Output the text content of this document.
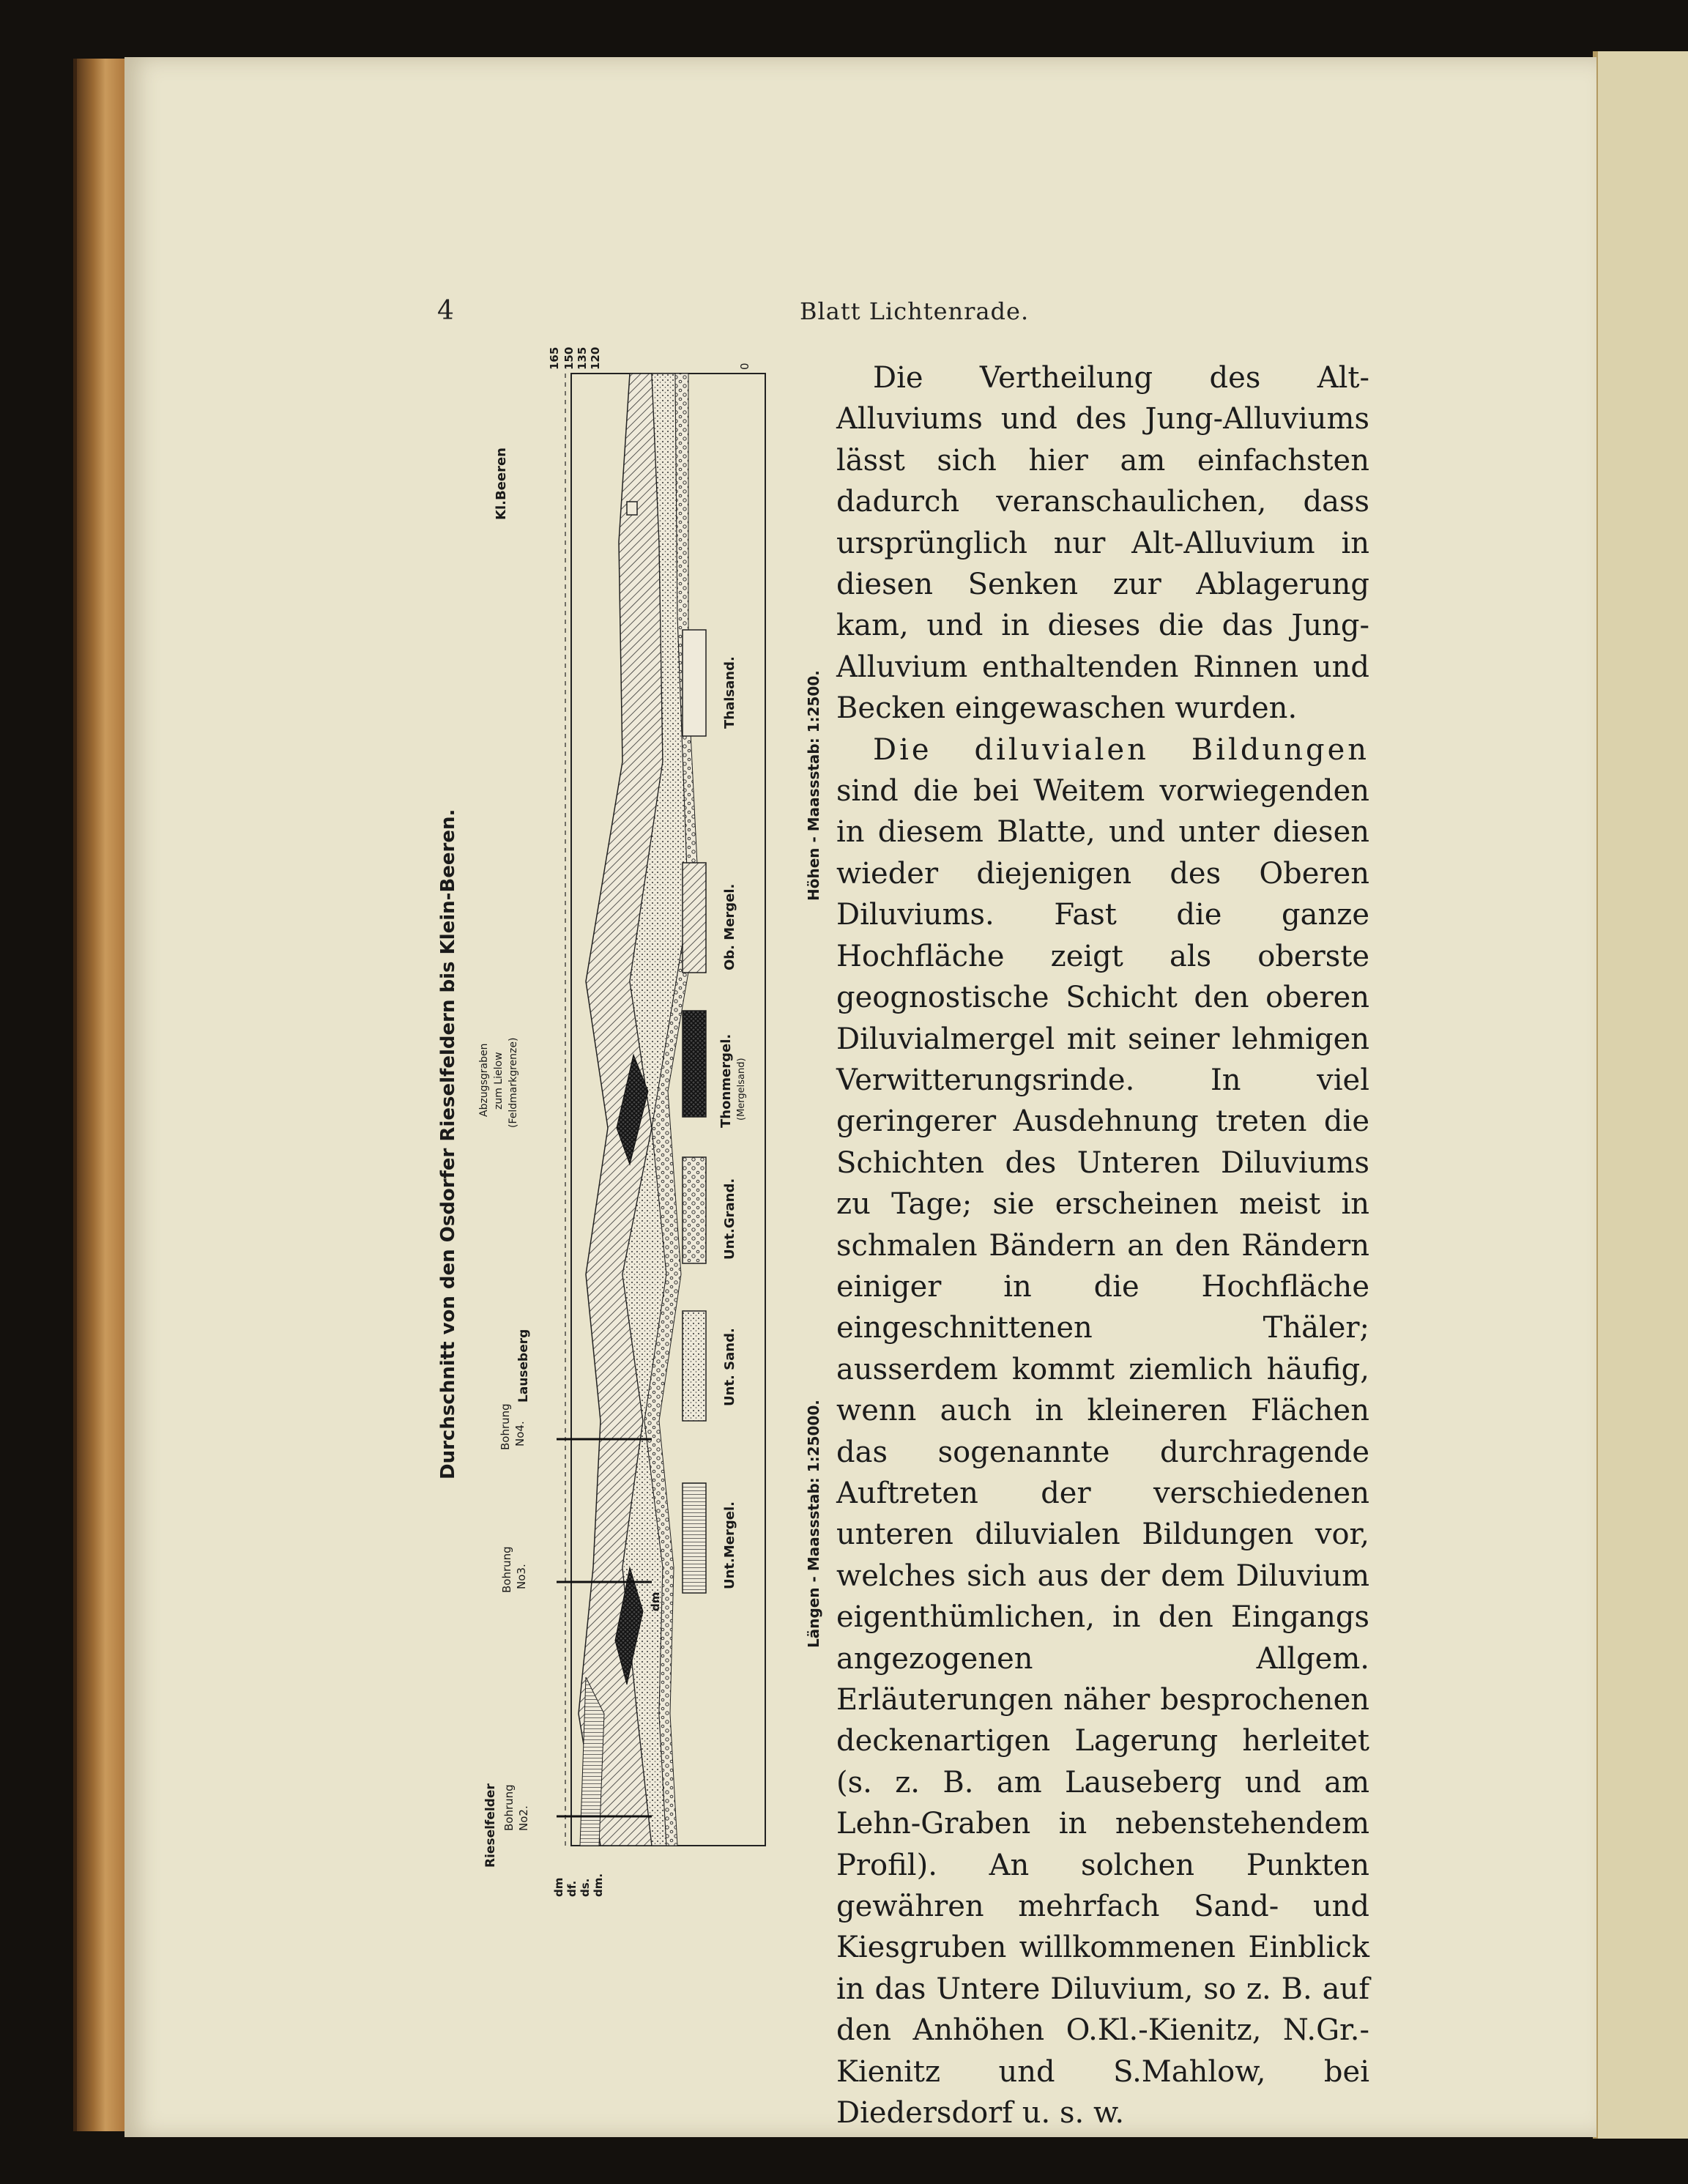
4	Blatt Lichtenrade.
Durchschnitt von den Osdorfer Rieselfeldern bis Klein-Beeren.
Rieselfelder Bohrung No2.
Bohrung No3.
Bohrung No4.
Lauseberg
Abzugsgraben zum Lielow (Feldmarkgrenze)
Kl.Beeren
165 150 135 120	0
dm df. ds. dm.
dm
Unt.Mergel.
Unt. Sand.
Unt.Grand.
Thonmergel. (Mergelsand)
Ob. Mergel.
Thalsand.
Längen - Maassstab: 1:25000.
Höhen - Maassstab: 1:2500.

Die Vertheilung des Alt-Alluviums und des Jung-Alluviums lässt sich hier am einfachsten dadurch veranschaulichen, dass ursprünglich nur Alt-Alluvium in diesen Senken zur Ablagerung kam, und in dieses die das Jung-Alluvium enthaltenden Rinnen und Becken eingewaschen wurden.

Die diluvialen Bildungen sind die bei Weitem vorwiegenden in diesem Blatte, und unter diesen wieder diejenigen des Oberen Diluviums. Fast die ganze Hochfläche zeigt als oberste geognostische Schicht den oberen Diluvialmergel mit seiner lehmigen Verwitterungsrinde. In viel geringerer Ausdehnung treten die Schichten des Unteren Diluviums zu Tage; sie erscheinen meist in schmalen Bändern an den Rändern einiger in die Hochfläche eingeschnittenen Thäler; ausserdem kommt ziemlich häufig, wenn auch in kleineren Flächen das sogenannte durchragende Auftreten der verschiedenen unteren diluvialen Bildungen vor, welches sich aus der dem Diluvium eigenthümlichen, in den Eingangs angezogenen Allgem. Erläuterungen näher besprochenen deckenartigen Lagerung herleitet (s. z. B. am Lauseberg und am Lehn-Graben in nebenstehendem Profil). An solchen Punkten gewähren mehrfach Sand- und Kiesgruben willkommenen Einblick in das Untere Diluvium, so z. B. auf den Anhöhen O.Kl.-Kienitz, N.Gr.-Kienitz und S.Mahlow, bei Diedersdorf u. s. w.
